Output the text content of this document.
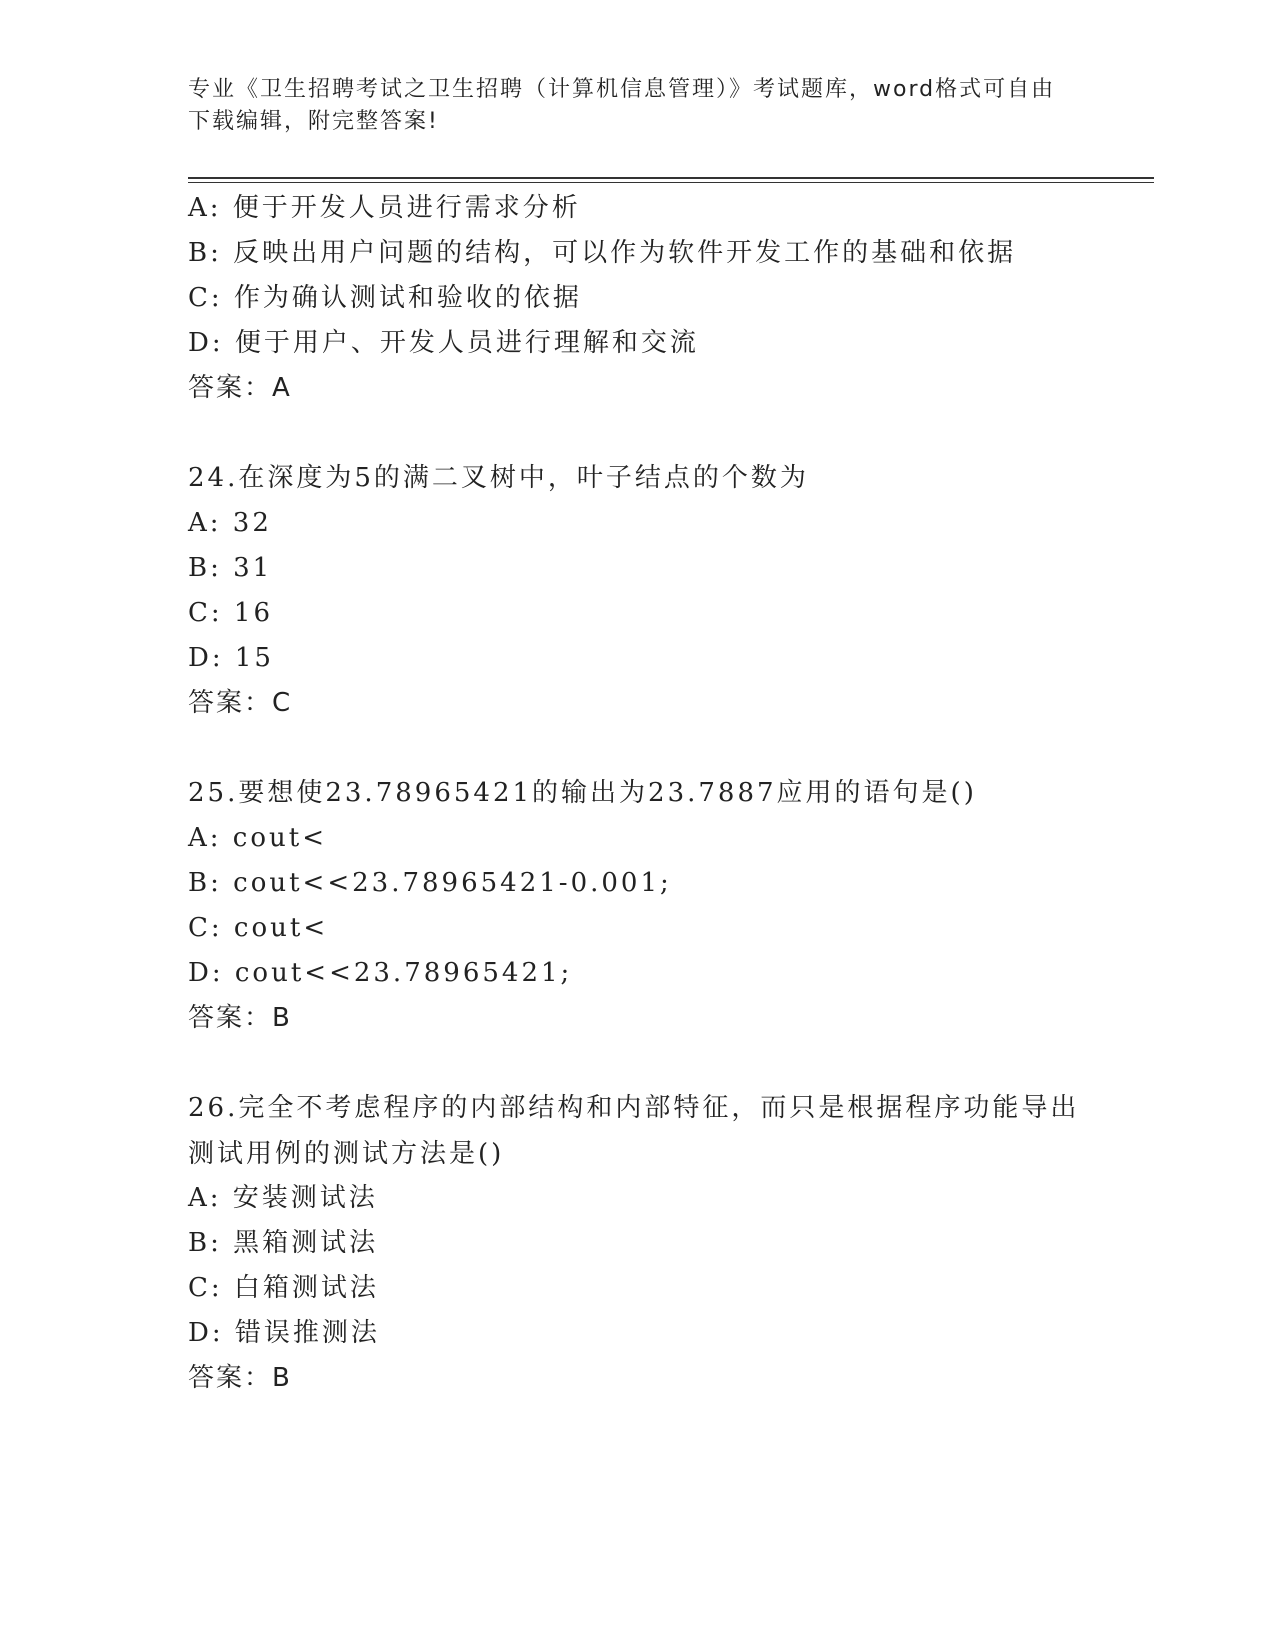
专业《卫生招聘考试之卫生招聘（计算机信息管理）》考试题库，word格式可自由下载编辑，附完整答案!
A: 便于开发人员进行需求分析
B: 反映出用户问题的结构，可以作为软件开发工作的基础和依据
C: 作为确认测试和验收的依据
D: 便于用户、开发人员进行理解和交流
答案：A
24.在深度为5的满二叉树中，叶子结点的个数为
A: 32
B: 31
C: 16
D: 15
答案：C
25.要想使23.78965421的输出为23.7887应用的语句是()
A: cout<
B: cout<<23.78965421-0.001;
C: cout<
D: cout<<23.78965421;
答案：B
26.完全不考虑程序的内部结构和内部特征，而只是根据程序功能导出测试用例的测试方法是()
A: 安装测试法
B: 黑箱测试法
C: 白箱测试法
D: 错误推测法
答案：B
